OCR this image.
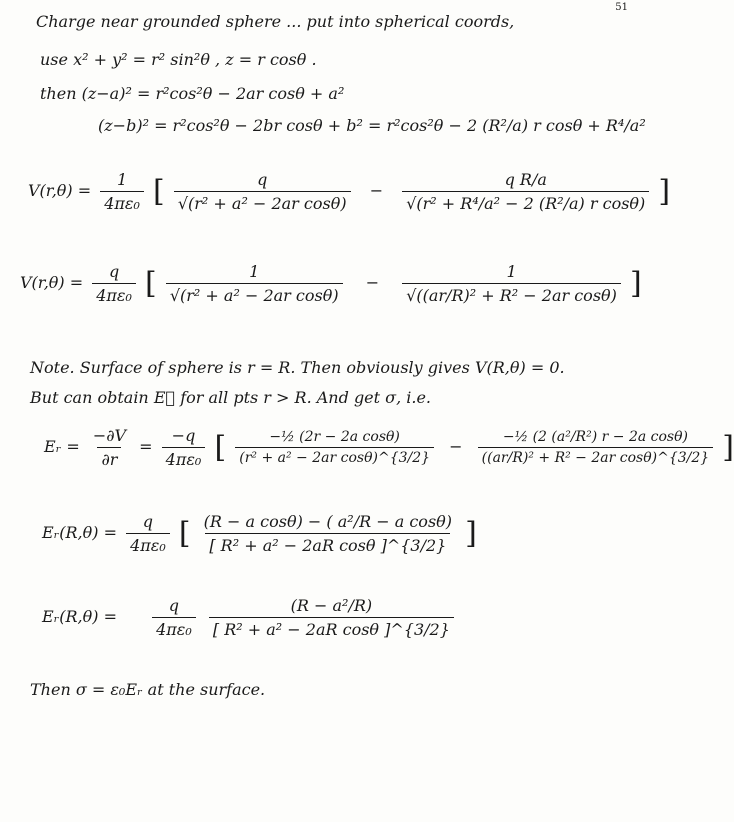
51
Charge near grounded sphere ... put into spherical coords,
use x² + y² = r² sin²θ , z = r cosθ .
then (z−a)² = r²cos²θ − 2ar cosθ + a²
(z−b)² = r²cos²θ − 2br cosθ + b² = r²cos²θ − 2 (R²/a) r cosθ + R⁴/a²
$V(r,\theta) = \frac{1}{\text{4πε₀}}$ [ $\frac{q}{\text{√(r² + a² − 2ar cosθ)}} - \frac{\text{q R/a}}{\text{√(r² + R⁴/a² − 2 (R²/a) r cosθ)}}$ ]
$V(r,\theta) = \frac{q}{\text{4πε₀}}$ [ $\frac{1}{\text{√(r² + a² − 2ar cosθ)}} - \frac{1}{\text{√((ar/R)² + R² − 2ar cosθ)}}$ ]
Note. Surface of sphere is r = R. Then obviously gives V(R,θ) = 0.
But can obtain E⃗ for all pts r > R. And get σ, i.e.
Eᵣ = $\frac{-\partial V}{\partial r} = \frac{-q}{\text{4πε₀}}$ [ $\frac{\text{−½ (2r − 2a cosθ)}}{\text{(r² + a² − 2ar cosθ)\textasciicircum{}\{3/2\}}} - \frac{\text{−½ (2 (a²/R²) r − 2a cosθ)}}{\text{((ar/R)² + R² − 2ar cosθ)\textasciicircum{}\{3/2\}}}$ ]
Eᵣ(R,θ) = $\frac{q}{\text{4πε₀}}$ [ $\frac{\text{(R − a cosθ) − ( a²/R − a cosθ)}}{\text{[ R² + a² − 2aR cosθ ]\textasciicircum{}\{3/2\}}}$ ]
Eᵣ(R,θ) = $\frac{q}{\text{4πε₀}}$
$\frac{\text{(R − a²/R)}}{\text{[ R² + a² − 2aR cosθ ]\textasciicircum{}\{3/2\}}}$
Then σ = ε₀Eᵣ at the surface.
